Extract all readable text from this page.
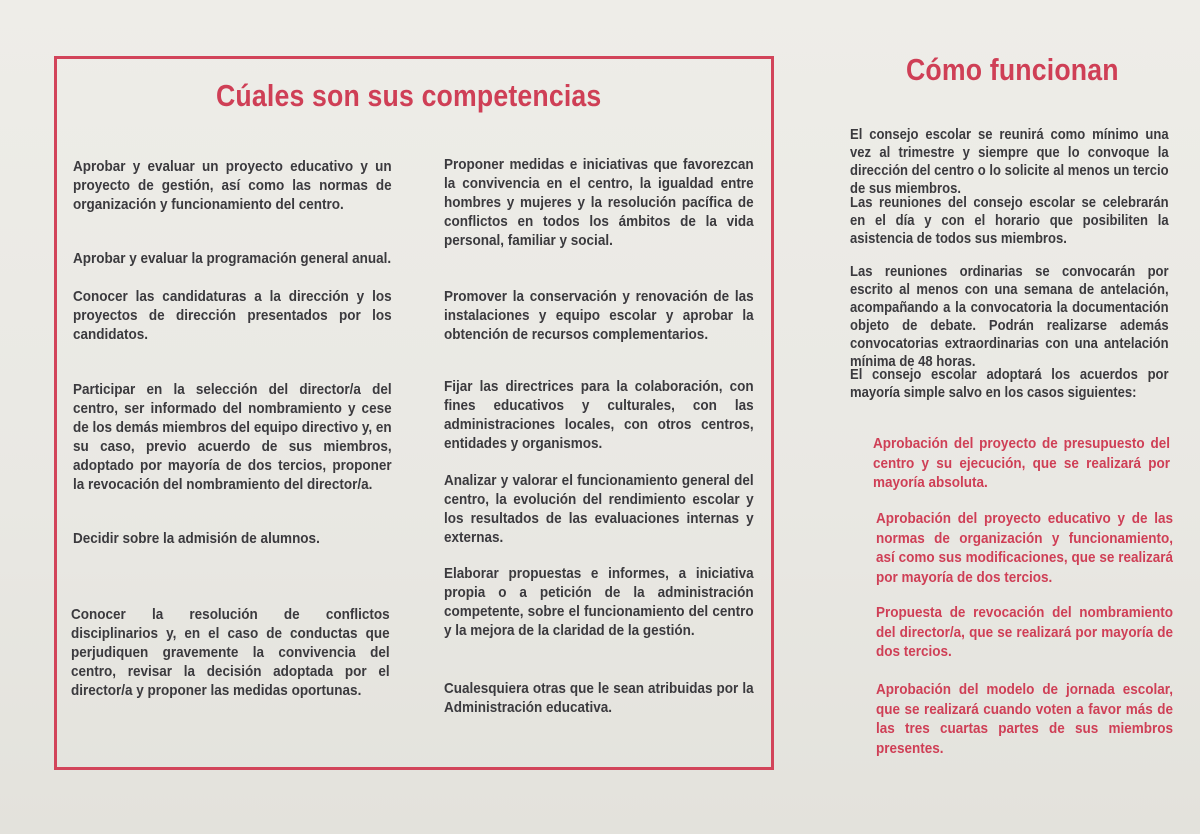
Cúales son sus competencias

Aprobar y evaluar un proyecto educativo y un proyecto de gestión, así como las normas de organización y funcionamiento del centro.

Aprobar y evaluar la programación general anual.

Conocer las candidaturas a la dirección y los proyectos de dirección presentados por los candidatos.

Participar en la selección del director/a del centro, ser informado del nombramiento y cese de los demás miembros del equipo directivo y, en su caso, previo acuerdo de sus miembros, adoptado por mayoría de dos tercios, proponer la revocación del nombramiento del director/a.

Decidir sobre la admisión de alumnos.

Conocer la resolución de conflictos disciplinarios y, en el caso de conductas que perjudiquen gravemente la convivencia del centro, revisar la decisión adoptada por el director/a y proponer las medidas oportunas.

Proponer medidas e iniciativas que favorezcan la convivencia en el centro, la igualdad entre hombres y mujeres y la resolución pacífica de conflictos en todos los ámbitos de la vida personal, familiar y social.

Promover la conservación y renovación de las instalaciones y equipo escolar y aprobar la obtención de recursos complementarios.

Fijar las directrices para la colaboración, con fines educativos y culturales, con las administraciones locales, con otros centros, entidades y organismos.

Analizar y valorar el funcionamiento general del centro, la evolución del rendimiento escolar y los resultados de las evaluaciones internas y externas.

Elaborar propuestas e informes, a iniciativa propia o a petición de la administración competente, sobre el funcionamiento del centro y la mejora de la claridad de la gestión.

Cualesquiera otras que le sean atribuidas por la Administración educativa.

Cómo funcionan

El consejo escolar se reunirá como mínimo una vez al trimestre y siempre que lo convoque la dirección del centro o lo solicite al menos un tercio de sus miembros.

Las reuniones del consejo escolar se celebrarán en el día y con el horario que posibiliten la asistencia de todos sus miembros.

Las reuniones ordinarias se convocarán por escrito al menos con una semana de antelación, acompañando a la convocatoria la documentación objeto de debate. Podrán realizarse además convocatorias extraordinarias con una antelación mínima de 48 horas.

El consejo escolar adoptará los acuerdos por mayoría simple salvo en los casos siguientes:

Aprobación del proyecto de presupuesto del centro y su ejecución, que se realizará por mayoría absoluta.

Aprobación del proyecto educativo y de las normas de organización y funcionamiento, así como sus modificaciones, que se realizará por mayoría de dos tercios.

Propuesta de revocación del nombramiento del director/a, que se realizará por mayoría de dos tercios.

Aprobación del modelo de jornada escolar, que se realizará cuando voten a favor más de las tres cuartas partes de sus miembros presentes.
